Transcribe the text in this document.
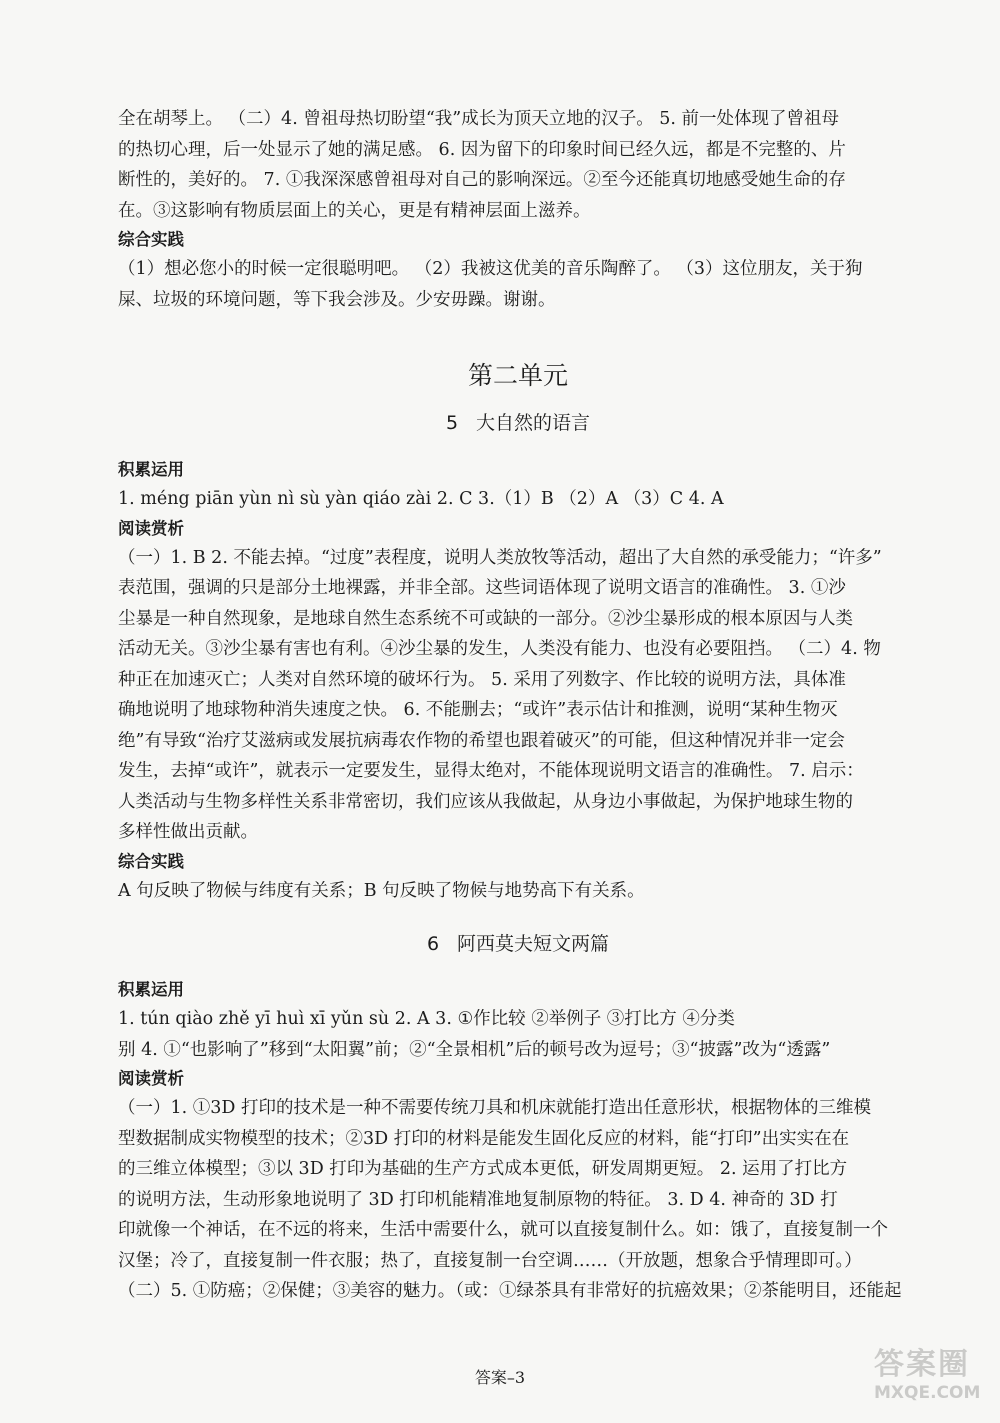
全在胡琴上。 （二）4. 曾祖母热切盼望“我”成长为顶天立地的汉子。 5. 前一处体现了曾祖母

的热切心理，后一处显示了她的满足感。 6. 因为留下的印象时间已经久远，都是不完整的、片

断性的，美好的。 7. ①我深深感曾祖母对自己的影响深远。②至今还能真切地感受她生命的存

在。③这影响有物质层面上的关心，更是有精神层面上滋养。

综合实践

（1）想必您小的时候一定很聪明吧。 （2）我被这优美的音乐陶醉了。 （3）这位朋友，关于狗

屎、垃圾的环境问题，等下我会涉及。少安毋躁。谢谢。

第二单元

5 大自然的语言

积累运用

1. méng piān yùn nì sù yàn qiáo zài 2. C 3.（1）B （2）A （3）C 4. A

阅读赏析

（一）1. B 2. 不能去掉。“过度”表程度，说明人类放牧等活动，超出了大自然的承受能力；“许多”

表范围，强调的只是部分土地裸露，并非全部。这些词语体现了说明文语言的准确性。 3. ①沙

尘暴是一种自然现象，是地球自然生态系统不可或缺的一部分。②沙尘暴形成的根本原因与人类

活动无关。③沙尘暴有害也有利。④沙尘暴的发生，人类没有能力、也没有必要阻挡。 （二）4. 物

种正在加速灭亡；人类对自然环境的破坏行为。 5. 采用了列数字、作比较的说明方法，具体准

确地说明了地球物种消失速度之快。 6. 不能删去；“或许”表示估计和推测，说明“某种生物灭

绝”有导致“治疗艾滋病或发展抗病毒农作物的希望也跟着破灭”的可能，但这种情况并非一定会

发生，去掉“或许”，就表示一定要发生，显得太绝对，不能体现说明文语言的准确性。 7. 启示：

人类活动与生物多样性关系非常密切，我们应该从我做起，从身边小事做起，为保护地球生物的

多样性做出贡献。

综合实践

A 句反映了物候与纬度有关系；B 句反映了物候与地势高下有关系。

6 阿西莫夫短文两篇

积累运用

1. tún qiào zhě yī huì xī yǔn sù 2. A 3. ①作比较 ②举例子 ③打比方 ④分类

别 4. ①“也影响了”移到“太阳翼”前；②“全景相机”后的顿号改为逗号；③“披露”改为“透露”

阅读赏析

（一）1. ①3D 打印的技术是一种不需要传统刀具和机床就能打造出任意形状，根据物体的三维模

型数据制成实物模型的技术；②3D 打印的材料是能发生固化反应的材料，能“打印”出实实在在

的三维立体模型；③以 3D 打印为基础的生产方式成本更低，研发周期更短。 2. 运用了打比方

的说明方法，生动形象地说明了 3D 打印机能精准地复制原物的特征。 3. D 4. 神奇的 3D 打

印就像一个神话，在不远的将来，生活中需要什么，就可以直接复制什么。如：饿了，直接复制一个

汉堡；冷了，直接复制一件衣服；热了，直接复制一台空调……（开放题，想象合乎情理即可。）

（二）5. ①防癌；②保健；③美容的魅力。（或：①绿茶具有非常好的抗癌效果；②茶能明目，还能起

答案–3	答案圈
MXQE.COM
